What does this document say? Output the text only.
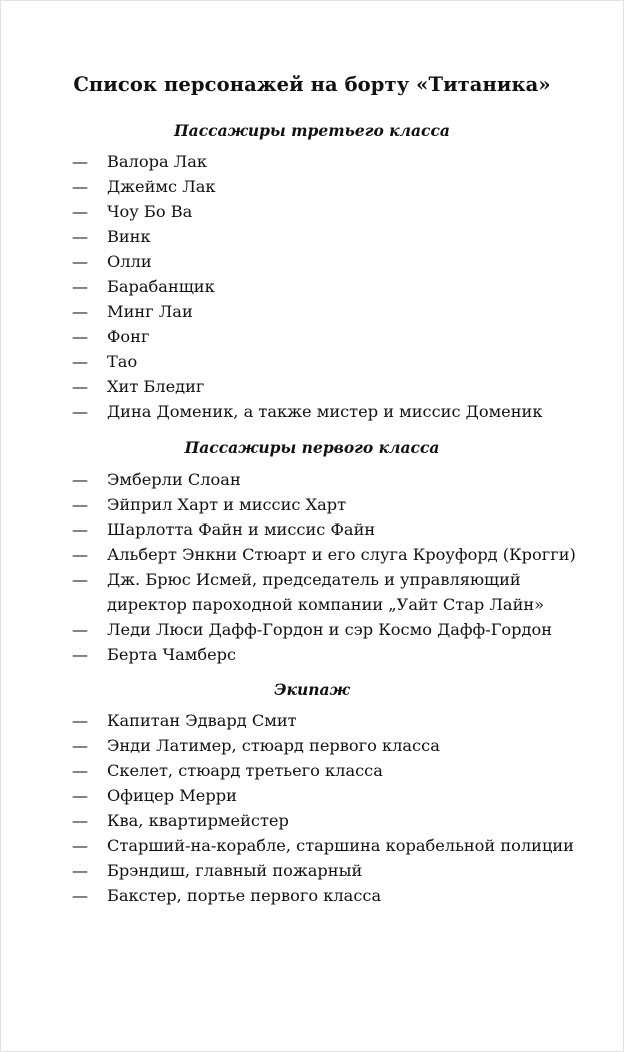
Список персонажей на борту «Титаника»
Пассажиры третьего класса
— Валора Лак
— Джеймс Лак
— Чоу Бо Ва
— Винк
— Олли
— Барабанщик
— Минг Лаи
— Фонг
— Тао
— Хит Бледиг
— Дина Доменик, а также мистер и миссис Доменик
Пассажиры первого класса
— Эмберли Слоан
— Эйприл Харт и миссис Харт
— Шарлотта Файн и миссис Файн
— Альберт Энкни Стюарт и его слуга Кроуфорд (Крогги)
— Дж. Брюс Исмей, председатель и управляющий директор пароходной компании „Уайт Стар Лайн»
— Леди Люси Дафф-Гордон и сэр Космо Дафф-Гордон
— Берта Чамберс
Экипаж
— Капитан Эдвард Смит
— Энди Латимер, стюард первого класса
— Скелет, стюард третьего класса
— Офицер Мерри
— Ква, квартирмейстер
— Старший-на-корабле, старшина корабельной полиции
— Брэндиш, главный пожарный
— Бакстер, портье первого класса
